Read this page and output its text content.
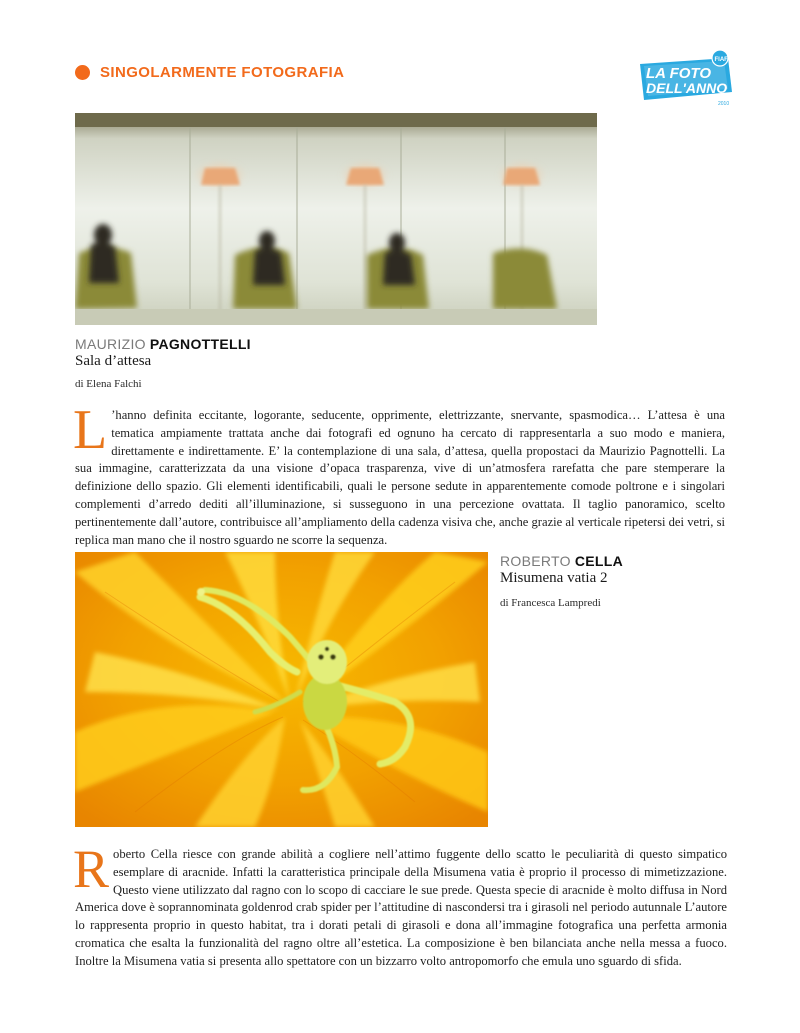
SINGOLARMENTE FOTOGRAFIA	LA FOTO
DELL'ANNO
FIAF
2010
MAURIZIO PAGNOTTELLI
Sala d’attesa
di Elena Falchi

L ’hanno definita eccitante, logorante, seducente, opprimente, elettrizzante, snervante, spasmodica… L’attesa è una tematica ampiamente trattata anche dai fotografi ed ognuno ha cercato di rappresentarla a suo modo e maniera, direttamente e indirettamente. E’ la contemplazione di una sala, d’attesa, quella propostaci da Maurizio Pagnottelli. La sua immagine, caratterizzata da una visione d’opaca trasparenza, vive di un’atmosfera rarefatta che pare stemperare la definizione dello spazio. Gli elementi identificabili, quali le persone sedute in apparentemente comode poltrone e i singolari complementi d’arredo dediti all’illuminazione, si susseguono in una percezione ovattata. Il taglio panoramico, scelto pertinentemente dall’autore, contribuisce all’ampliamento della cadenza visiva che, anche grazie al verticale ripetersi dei vetri, si replica man mano che il nostro sguardo ne scorre la sequenza.

ROBERTO CELLA
Misumena vatia 2
di Francesca Lampredi

Roberto Cella riesce con grande abilità a cogliere nell’attimo fuggente dello scatto le peculiarità di questo simpatico esemplare di aracnide. Infatti la caratteristica principale della Misumena vatia è proprio il processo di mimetizzazione. Questo viene utilizzato dal ragno con lo scopo di cacciare le sue prede. Questa specie di aracnide è molto diffusa in Nord America dove è soprannominata goldenrod crab spider per l’attitudine di nascondersi tra i girasoli nel periodo autunnale L’autore lo rappresenta proprio in questo habitat, tra i dorati petali di girasoli e dona all’immagine fotografica una perfetta armonia cromatica che esalta la funzionalità del ragno oltre all’estetica. La composizione è ben bilanciata anche nella messa a fuoco. Inoltre la Misumena vatia si presenta allo spettatore con un bizzarro volto antropomorfo che emula uno sguardo di sfida.
